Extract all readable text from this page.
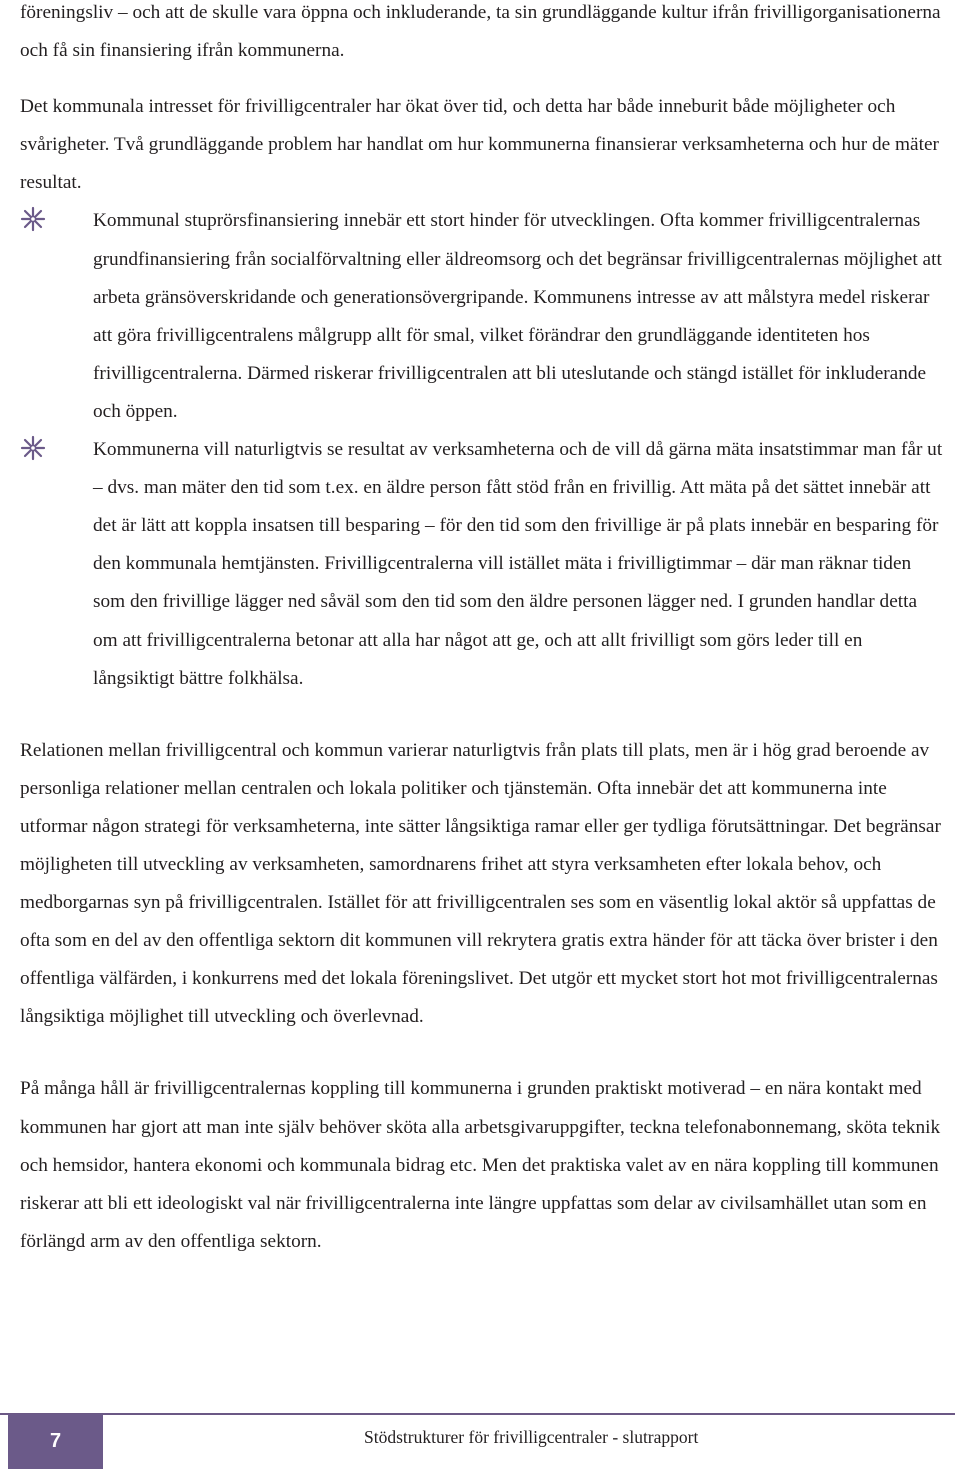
föreningsliv – och att de skulle vara öppna och inkluderande, ta sin grundläggande kultur ifrån frivilligorganisationerna och få sin finansiering ifrån kommunerna.

Det kommunala intresset för frivilligcentraler har ökat över tid, och detta har både inneburit både möjligheter och svårigheter. Två grundläggande problem har handlat om hur kommunerna finansierar verksamheterna och hur de mäter resultat.

Kommunal stuprörsfinansiering innebär ett stort hinder för utvecklingen. Ofta kommer frivilligcentralernas grundfinansiering från socialförvaltning eller äldreomsorg och det begränsar frivilligcentralernas möjlighet att arbeta gränsöverskridande och generationsövergripande. Kommunens intresse av att målstyra medel riskerar att göra frivilligcentralens målgrupp allt för smal, vilket förändrar den grundläggande identiteten hos frivilligcentralerna. Därmed riskerar frivilligcentralen att bli uteslutande och stängd istället för inkluderande och öppen.
Kommunerna vill naturligtvis se resultat av verksamheterna och de vill då gärna mäta insatstimmar man får ut – dvs. man mäter den tid som t.ex. en äldre person fått stöd från en frivillig. Att mäta på det sättet innebär att det är lätt att koppla insatsen till besparing – för den tid som den frivillige är på plats innebär en besparing för den kommunala hemtjänsten. Frivilligcentralerna vill istället mäta i frivilligtimmar – där man räknar tiden som den frivillige lägger ned såväl som den tid som den äldre personen lägger ned. I grunden handlar detta om att frivilligcentralerna betonar att alla har något att ge, och att allt frivilligt som görs leder till en långsiktigt bättre folkhälsa.

Relationen mellan frivilligcentral och kommun varierar naturligtvis från plats till plats, men är i hög grad beroende av personliga relationer mellan centralen och lokala politiker och tjänstemän. Ofta innebär det att kommunerna inte utformar någon strategi för verksamheterna, inte sätter långsiktiga ramar eller ger tydliga förutsättningar. Det begränsar möjligheten till utveckling av verksamheten, samordnarens frihet att styra verksamheten efter lokala behov, och medborgarnas syn på frivilligcentralen. Istället för att frivilligcentralen ses som en väsentlig lokal aktör så uppfattas de ofta som en del av den offentliga sektorn dit kommunen vill rekrytera gratis extra händer för att täcka över brister i den offentliga välfärden, i konkurrens med det lokala föreningslivet. Det utgör ett mycket stort hot mot frivilligcentralernas långsiktiga möjlighet till utveckling och överlevnad.

På många håll är frivilligcentralernas koppling till kommunerna i grunden praktiskt motiverad – en nära kontakt med kommunen har gjort att man inte själv behöver sköta alla arbetsgivaruppgifter, teckna telefonabonnemang, sköta teknik och hemsidor, hantera ekonomi och kommunala bidrag etc. Men det praktiska valet av en nära koppling till kommunen riskerar att bli ett ideologiskt val när frivilligcentralerna inte längre uppfattas som delar av civilsamhället utan som en förlängd arm av den offentliga sektorn.

7	Stödstrukturer för frivilligcentraler - slutrapport
